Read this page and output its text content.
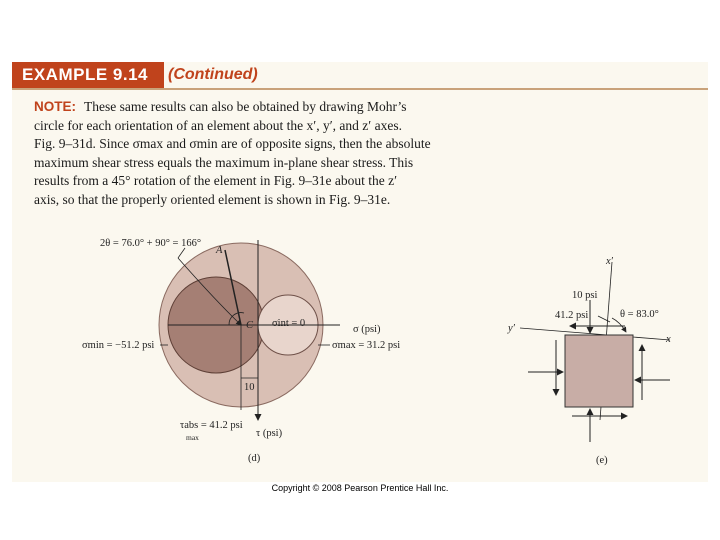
EXAMPLE 9.14	(Continued)
NOTE: These same results can also be obtained by drawing Mohr’s
circle for each orientation of an element about the x′, y′, and z′ axes.
Fig. 9–31d. Since σmax and σmin are of opposite signs, then the absolute
maximum shear stress equals the maximum in-plane shear stress. This
results from a 45° rotation of the element in Fig. 9–31e about the z′
axis, so that the properly oriented element is shown in Fig. 9–31e.
2θ = 76.0° + 90° = 166°
A
C σint = 0
σ (psi)
σmin = −51.2 psi	σmax = 31.2 psi
10
τabs = 41.2 psi
max	τ (psi)
(d)
x′
y′
x
10 psi
41.2 psi	θ = 83.0°
(e)
Copyright © 2008 Pearson Prentice Hall Inc.
